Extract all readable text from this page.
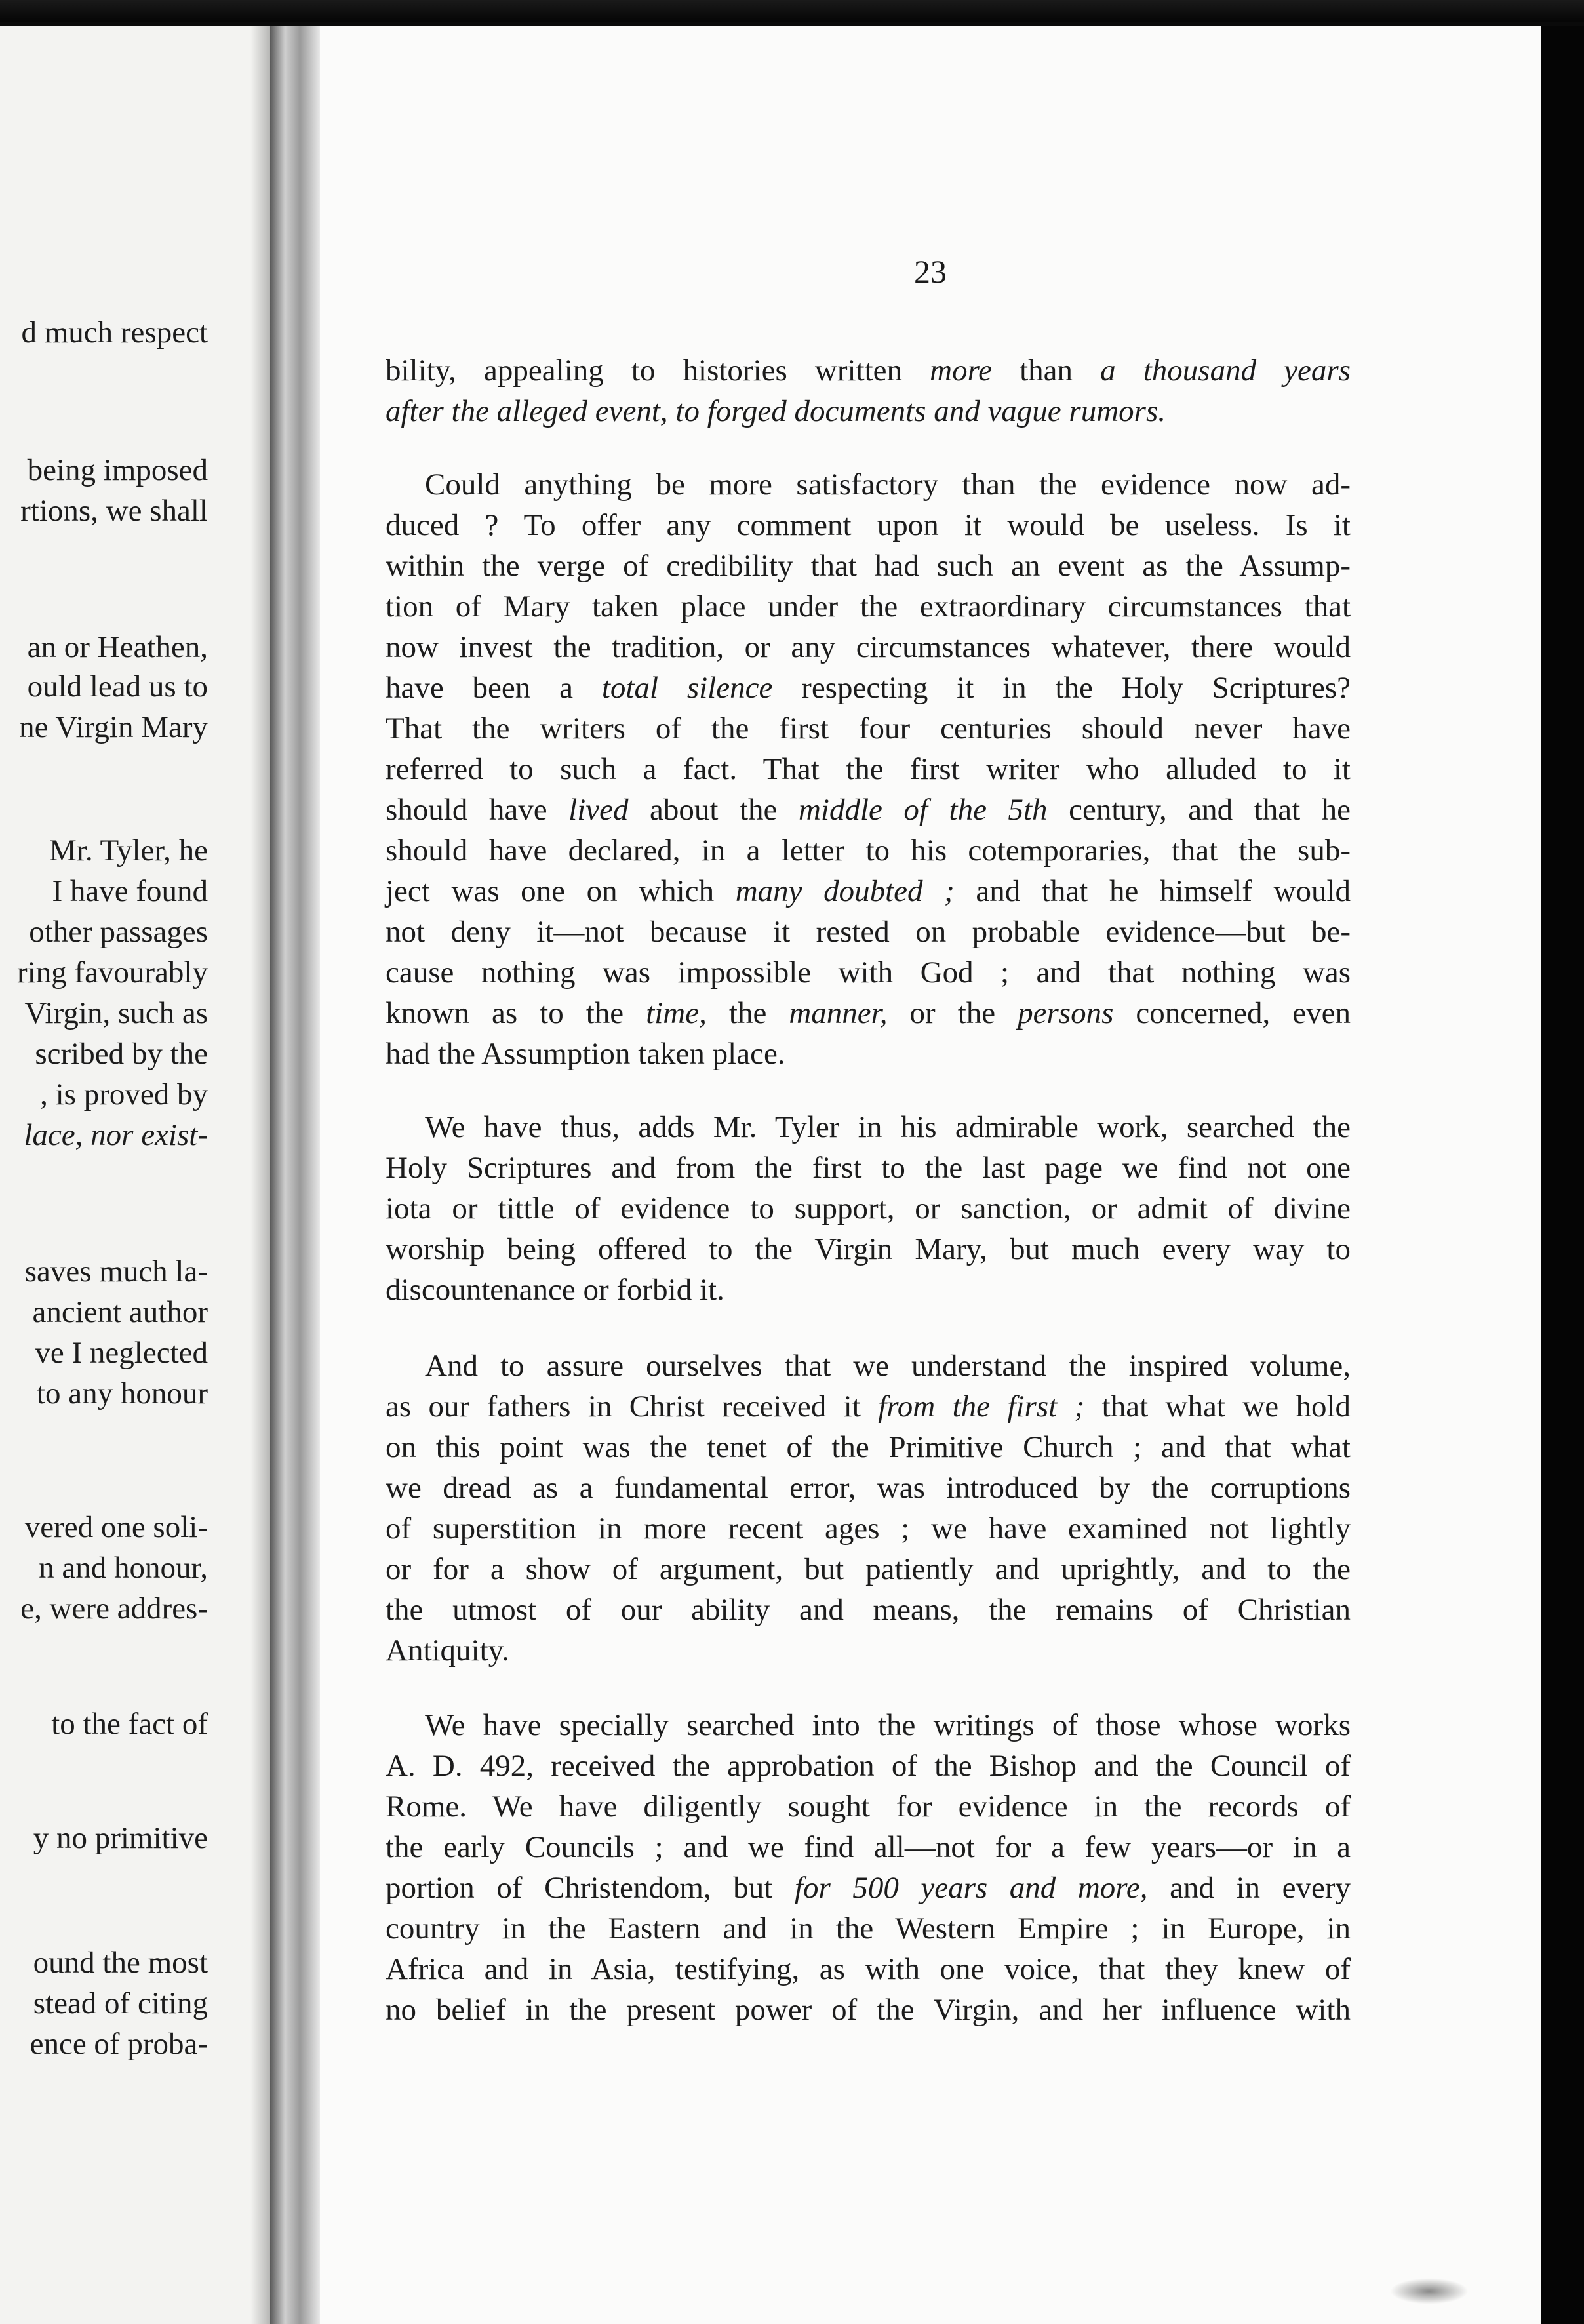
d much respect
being imposed
rtions, we shall
an or Heathen,
ould lead us to
ne Virgin Mary
Mr. Tyler, he
I have found
other passages
ring favourably
Virgin, such as
scribed by the
, is proved by
lace, nor exist-
saves much la-
ancient author
ve I neglected
to any honour
vered one soli-
n and honour,
e, were addres-
to the fact of
y no primitive
ound the most
stead of citing
ence of proba-
23
bility, appealing to histories written more than a thousand years
after the alleged event, to forged documents and vague rumors.
Could anything be more satisfactory than the evidence now ad-
duced ? To offer any comment upon it would be useless. Is it
within the verge of credibility that had such an event as the Assump-
tion of Mary taken place under the extraordinary circumstances that
now invest the tradition, or any circumstances whatever, there would
have been a total silence respecting it in the Holy Scriptures?
That the writers of the first four centuries should never have
referred to such a fact. That the first writer who alluded to it
should have lived about the middle of the 5th century, and that he
should have declared, in a letter to his cotemporaries, that the sub-
ject was one on which many doubted ; and that he himself would
not deny it—not because it rested on probable evidence—but be-
cause nothing was impossible with God ; and that nothing was
known as to the time, the manner, or the persons concerned, even
had the Assumption taken place.
We have thus, adds Mr. Tyler in his admirable work, searched the
Holy Scriptures and from the first to the last page we find not one
iota or tittle of evidence to support, or sanction, or admit of divine
worship being offered to the Virgin Mary, but much every way to
discountenance or forbid it.
And to assure ourselves that we understand the inspired volume,
as our fathers in Christ received it from the first ; that what we hold
on this point was the tenet of the Primitive Church ; and that what
we dread as a fundamental error, was introduced by the corruptions
of superstition in more recent ages ; we have examined not lightly
or for a show of argument, but patiently and uprightly, and to the
the utmost of our ability and means, the remains of Christian
Antiquity.
We have specially searched into the writings of those whose works
A. D. 492, received the approbation of the Bishop and the Council of
Rome. We have diligently sought for evidence in the records of
the early Councils ; and we find all—not for a few years—or in a
portion of Christendom, but for 500 years and more, and in every
country in the Eastern and in the Western Empire ; in Europe, in
Africa and in Asia, testifying, as with one voice, that they knew of
no belief in the present power of the Virgin, and her influence with
